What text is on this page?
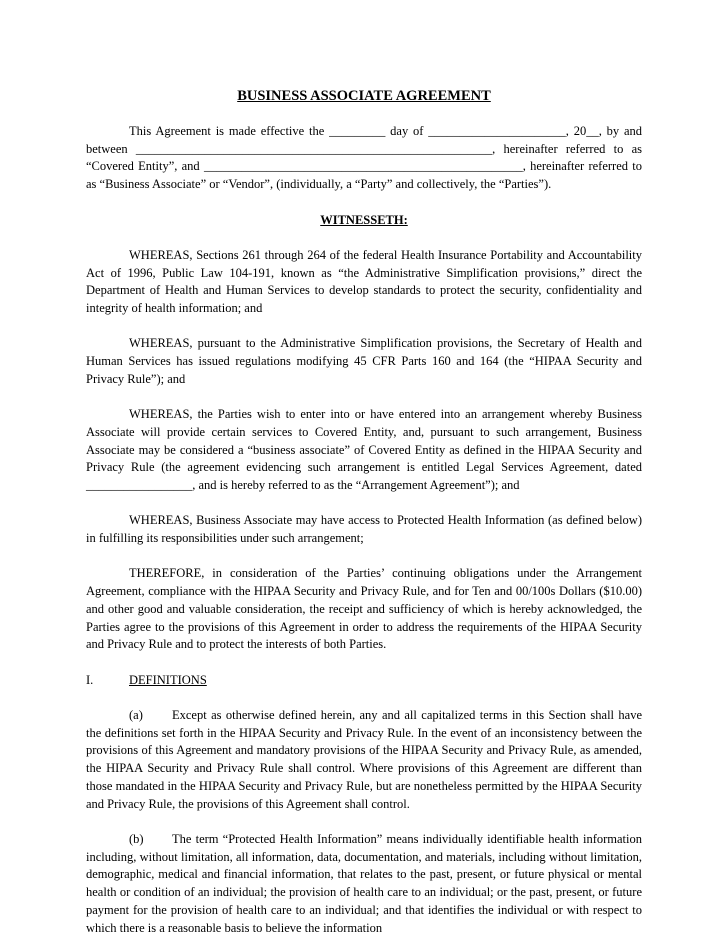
BUSINESS ASSOCIATE AGREEMENT

This Agreement is made effective the _________ day of ______________________, 20__, by and between _________________________________________________________, hereinafter referred to as “Covered Entity”, and ___________________________________________________, hereinafter referred to as “Business Associate” or “Vendor”, (individually, a “Party” and collectively, the “Parties”).

WITNESSETH:

WHEREAS, Sections 261 through 264 of the federal Health Insurance Portability and Accountability Act of 1996, Public Law 104-191, known as “the Administrative Simplification provisions,” direct the Department of Health and Human Services to develop standards to protect the security, confidentiality and integrity of health information; and

WHEREAS, pursuant to the Administrative Simplification provisions, the Secretary of Health and Human Services has issued regulations modifying 45 CFR Parts 160 and 164 (the “HIPAA Security and Privacy Rule”); and

WHEREAS, the Parties wish to enter into or have entered into an arrangement whereby Business Associate will provide certain services to Covered Entity, and, pursuant to such arrangement, Business Associate may be considered a “business associate” of Covered Entity as defined in the HIPAA Security and Privacy Rule (the agreement evidencing such arrangement is entitled Legal Services Agreement, dated _________________, and is hereby referred to as the “Arrangement Agreement”); and

WHEREAS, Business Associate may have access to Protected Health Information (as defined below) in fulfilling its responsibilities under such arrangement;

THEREFORE, in consideration of the Parties’ continuing obligations under the Arrangement Agreement, compliance with the HIPAA Security and Privacy Rule, and for Ten and 00/100s Dollars ($10.00) and other good and valuable consideration, the receipt and sufficiency of which is hereby acknowledged, the Parties agree to the provisions of this Agreement in order to address the requirements of the HIPAA Security and Privacy Rule and to protect the interests of both Parties.

I.	DEFINITIONS

(a) Except as otherwise defined herein, any and all capitalized terms in this Section shall have the definitions set forth in the HIPAA Security and Privacy Rule. In the event of an inconsistency between the provisions of this Agreement and mandatory provisions of the HIPAA Security and Privacy Rule, as amended, the HIPAA Security and Privacy Rule shall control. Where provisions of this Agreement are different than those mandated in the HIPAA Security and Privacy Rule, but are nonetheless permitted by the HIPAA Security and Privacy Rule, the provisions of this Agreement shall control.

(b) The term “Protected Health Information” means individually identifiable health information including, without limitation, all information, data, documentation, and materials, including without limitation, demographic, medical and financial information, that relates to the past, present, or future physical or mental health or condition of an individual; the provision of health care to an individual; or the past, present, or future payment for the provision of health care to an individual; and that identifies the individual or with respect to which there is a reasonable basis to believe the information
